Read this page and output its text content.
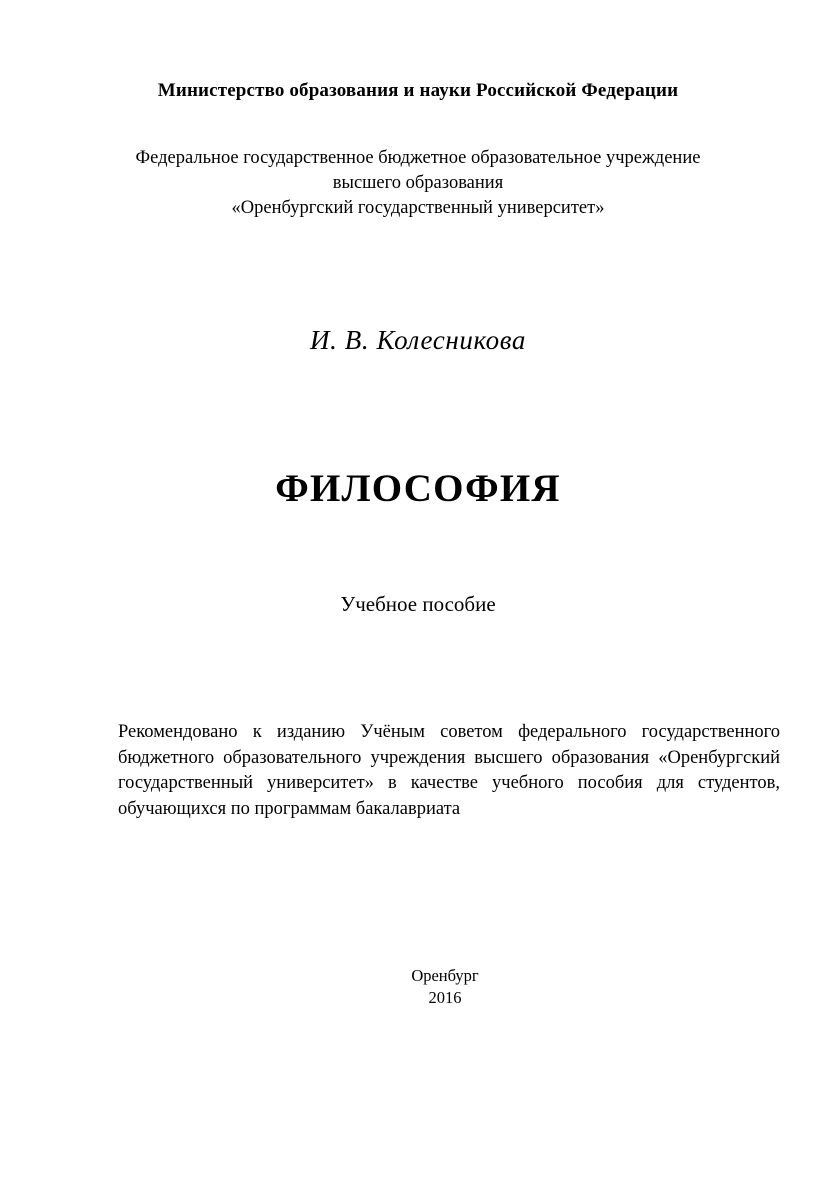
Министерство образования и науки Российской Федерации
Федеральное государственное бюджетное образовательное учреждение
высшего образования
«Оренбургский государственный университет»
И. В. Колесникова
ФИЛОСОФИЯ
Учебное пособие
Рекомендовано к изданию Учёным советом федерального государственного бюджетного образовательного учреждения высшего образования «Оренбургский государственный университет» в качестве учебного пособия для студентов, обучающихся по программам бакалавриата
Оренбург
2016
